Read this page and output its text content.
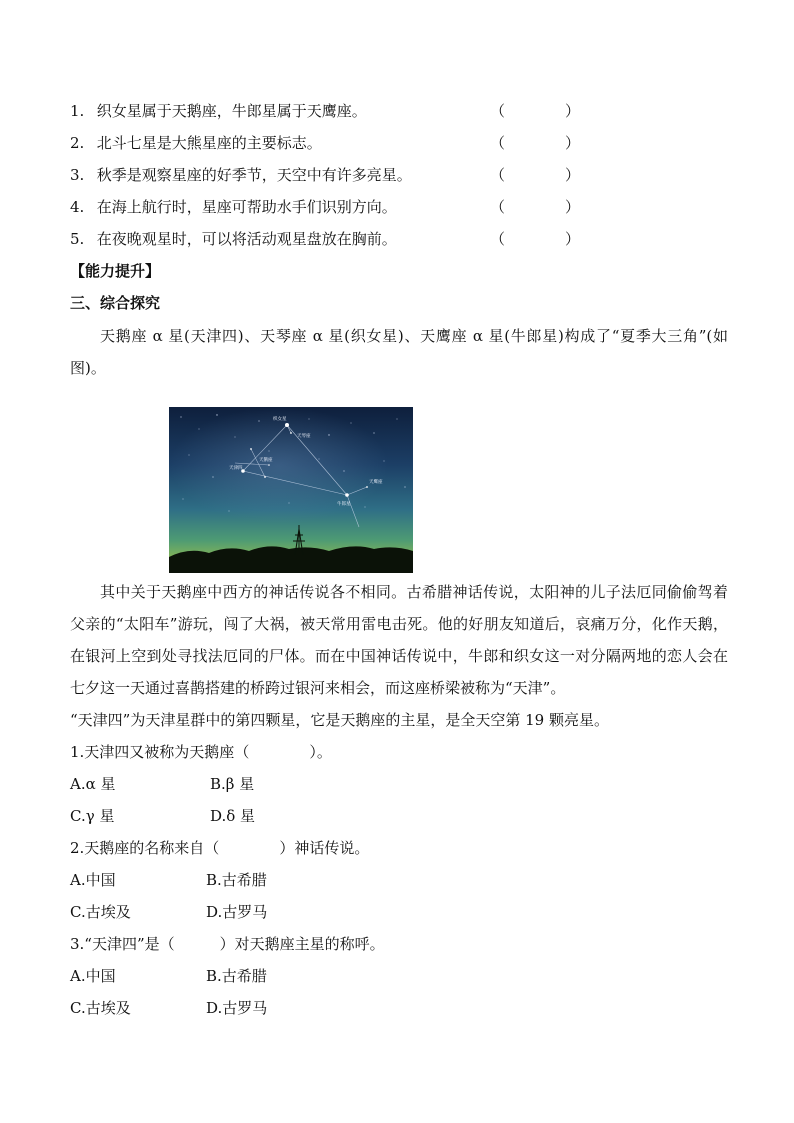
1. 织女星属于天鹅座，牛郎星属于天鹰座。	（　　　　）
2. 北斗七星是大熊星座的主要标志。	（　　　　）
3. 秋季是观察星座的好季节，天空中有许多亮星。	（　　　　）
4. 在海上航行时，星座可帮助水手们识别方向。	（　　　　）
5. 在夜晚观星时，可以将活动观星盘放在胸前。	（　　　　）
【能力提升】
三、综合探究
天鹅座 α 星(天津四)、天琴座 α 星(织女星)、天鹰座 α 星(牛郎星)构成了“夏季大三角”(如图)。
织女星
天琴座
天津四
天鹅座
牛郎星
天鹰座
其中关于天鹅座中西方的神话传说各不相同。古希腊神话传说，太阳神的儿子法厄同偷偷驾着父亲的“太阳车”游玩，闯了大祸，被天常用雷电击死。他的好朋友知道后，哀痛万分，化作天鹅，在银河上空到处寻找法厄同的尸体。而在中国神话传说中，牛郎和织女这一对分隔两地的恋人会在七夕这一天通过喜鹊搭建的桥跨过银河来相会，而这座桥梁被称为“天津”。
“天津四”为天津星群中的第四颗星，它是天鹅座的主星，是全天空第 19 颗亮星。
1.天津四又被称为天鹅座（　　　　）。
A.α 星	B.β 星
C.γ 星	D.δ 星
2.天鹅座的名称来自（　　　　）神话传说。
A.中国	B.古希腊
C.古埃及	D.古罗马
3.“天津四”是（　　　）对天鹅座主星的称呼。
A.中国	B.古希腊
C.古埃及	D.古罗马
